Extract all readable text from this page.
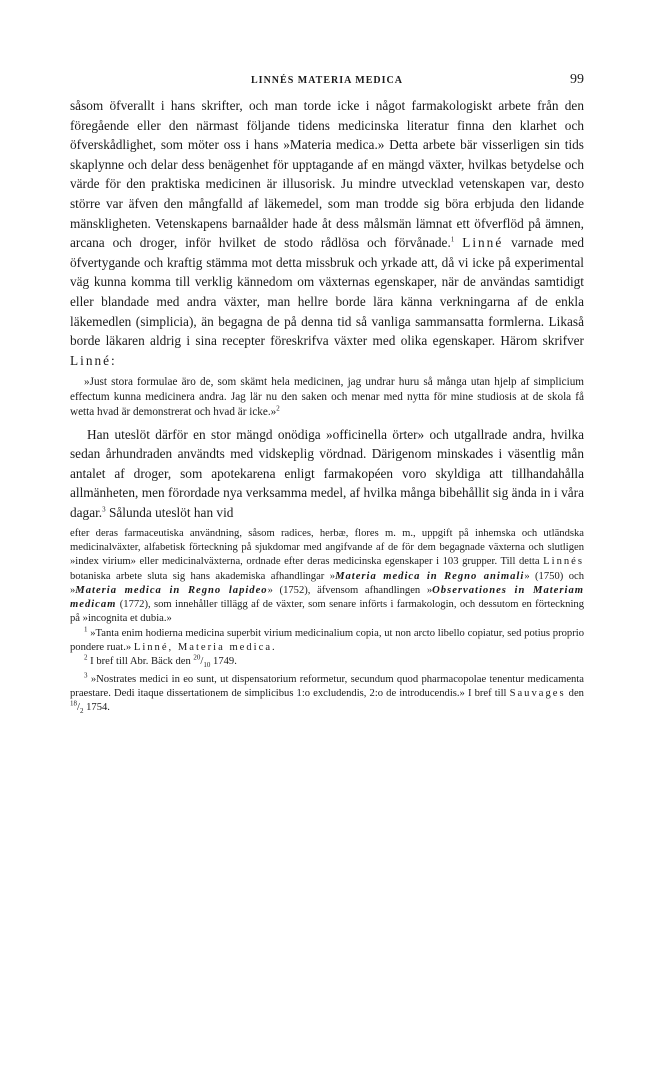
LINNÉS MATERIA MEDICA	99

såsom öfverallt i hans skrifter, och man torde icke i något farmakologiskt arbete från den föregående eller den närmast följande tidens medicinska literatur finna den klarhet och öfverskådlighet, som möter oss i hans »Materia medica.» Detta arbete bär visserligen sin tids skaplynne och delar dess benägenhet för upptagande af en mängd växter, hvilkas betydelse och värde för den praktiska medicinen är illusorisk. Ju mindre utvecklad vetenskapen var, desto större var äfven den mångfalld af läkemedel, som man trodde sig böra erbjuda den lidande mänskligheten. Vetenskapens barnaålder hade åt dess målsmän lämnat ett öfverflöd på ämnen, arcana och droger, inför hvilket de stodo rådlösa och förvånade.$^1$ Linné varnade med öfvertygande och kraftig stämma mot detta missbruk och yrkade att, då vi icke på experimental väg kunna komma till verklig kännedom om växternas egenskaper, när de användas samtidigt eller blandade med andra växter, man hellre borde lära känna verkningarna af de enkla läkemedlen (simplicia), än begagna de på denna tid så vanliga sammansatta formlerna. Likaså borde läkaren aldrig i sina recepter föreskrifva växter med olika egenskaper. Härom skrifver Linné:

»Just stora formulae äro de, som skämt hela medicinen, jag undrar huru så många utan hjelp af simplicium effectum kunna medicinera andra. Jag lär nu den saken och menar med nytta för mine studiosis at de skola få wetta hvad är demonstrerat och hvad är icke.»$^2$

Han uteslöt därför en stor mängd onödiga »officinella örter» och utgallrade andra, hvilka sedan århundraden användts med vidskeplig vördnad. Därigenom minskades i väsentlig mån antalet af droger, som apotekarena enligt farmakopéen voro skyldiga att tillhandahålla allmänheten, men förordade nya verksamma medel, af hvilka många bibehållit sig ända in i våra dagar.$^3$ Sålunda uteslöt han vid

efter deras farmaceutiska användning, såsom radices, herbæ, flores m. m., uppgift på inhemska och utländska medicinalväxter, alfabetisk förteckning på sjukdomar med angifvande af de för dem begagnade växterna och slutligen »index virium» eller medicinalväxterna, ordnade efter deras medicinska egenskaper i 103 grupper. Till detta Linnés botaniska arbete sluta sig hans akademiska afhandlingar »Materia medica in Regno animali» (1750) och »Materia medica in Regno lapideo» (1752), äfvensom afhandlingen »Observationes in Materiam medicam (1772), som innehåller tillägg af de växter, som senare införts i farmakologin, och dessutom en förteckning på »incognita et dubia.»

$^1$ »Tanta enim hodierna medicina superbit virium medicinalium copia, ut non arcto libello copiatur, sed potius proprio pondere ruat.» Linné, Materia medica.

$^2$ I bref till Abr. Bäck den $^{20}/_{10}$ 1749.

$^3$ »Nostrates medici in eo sunt, ut dispensatorium reformetur, secundum quod pharmacopolae tenentur medicamenta praestare. Dedi itaque dissertationem de simplicibus 1:o excludendis, 2:o de introducendis.» I bref till Sauvages den $^{18}/_2$ 1754.
